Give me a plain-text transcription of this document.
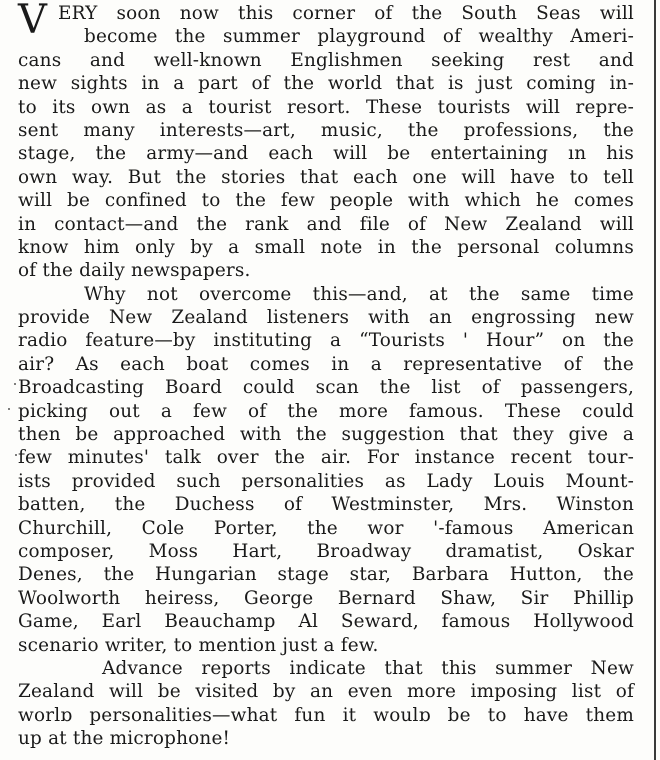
V ERY soon now this corner of the South Seas will
become the summer playground of wealthy Ameri-
cans and well-known Englishmen seeking rest and
new sights in a part of the world that is just coming in-
to its own as a tourist resort. These tourists will repre-
sent many interests—art, music, the professions, the
stage, the army—and each will be entertaining ın his
own way. But the stories that each one will have to tell
will be confined to the few people with which he comes
in contact—and the rank and file of New Zealand will
know him only by a small note in the personal columns
of the daily newspapers.
Why not overcome this—and, at the same time
provide New Zealand listeners with an engrossing new
radio feature—by instituting a “Tourists ' Hour” on the
air? As each boat comes in a representative of the
Broadcasting Board could scan the list of passengers,
picking out a few of the more famous. These could
then be approached with the suggestion that they give a
few minutes' talk over the air. For instance recent tour-
ists provided such personalities as Lady Louis Mount-
batten, the Duchess of Westminster, Mrs. Winston
Churchill, Cole Porter, the wor '-famous American
composer, Moss Hart, Broadway dramatist, Oskar
Denes, the Hungarian stage star, Barbara Hutton, the
Woolworth heiress, George Bernard Shaw, Sir Phillip
Game, Earl Beauchamp Al Seward, famous Hollywood
scenario writer, to mention just a few.
Advance reports indicate that this summer New
Zealand will be visited by an even more imposing list of
worlɒ personalities—what fun it woulɒ be to have them
up at the microphone!
